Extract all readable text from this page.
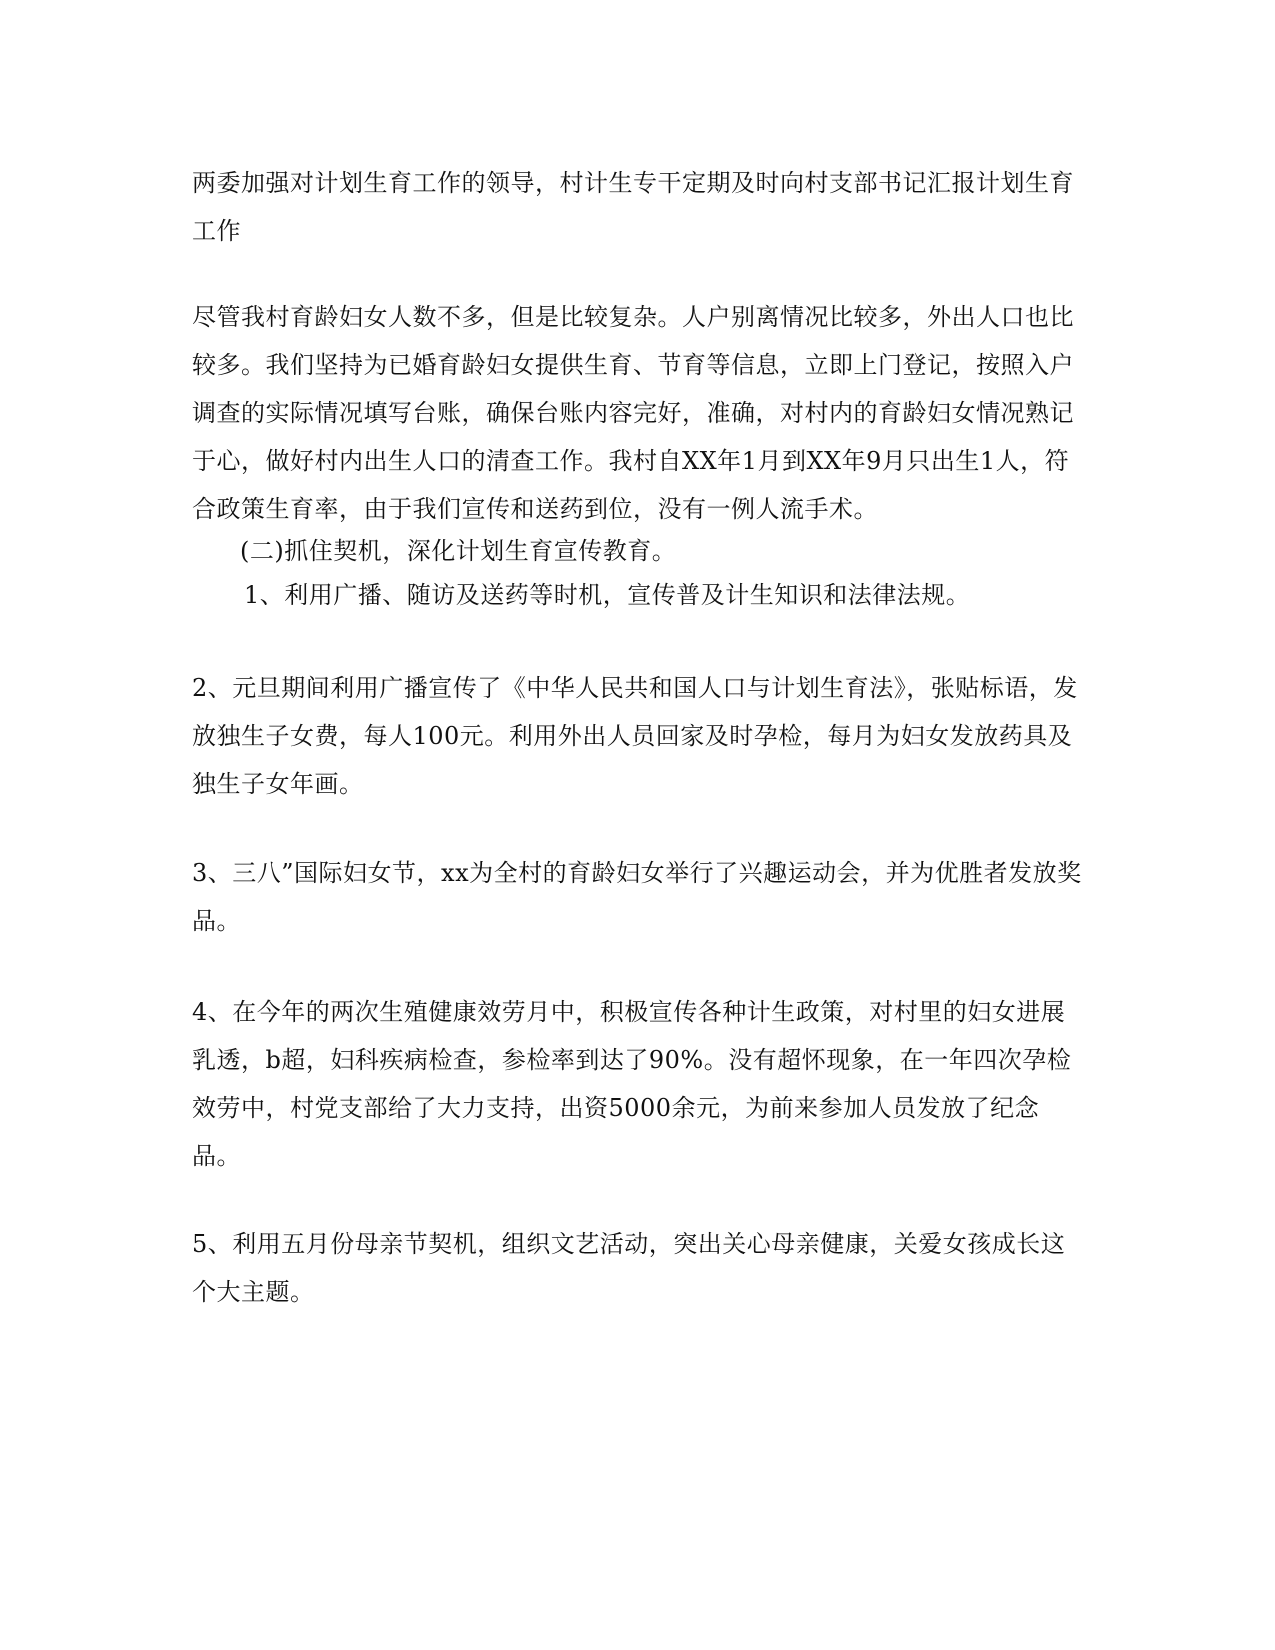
两委加强对计划生育工作的领导，村计生专干定期及时向村支部书记汇报计划生育工作

尽管我村育龄妇女人数不多，但是比较复杂。人户别离情况比较多，外出人口也比较多。我们坚持为已婚育龄妇女提供生育、节育等信息，立即上门登记，按照入户调查的实际情况填写台账，确保台账内容完好，准确，对村内的育龄妇女情况熟记于心，做好村内出生人口的清查工作。我村自XX年1月到XX年9月只出生1人，符合政策生育率，由于我们宣传和送药到位，没有一例人流手术。

(二)抓住契机，深化计划生育宣传教育。

1、利用广播、随访及送药等时机，宣传普及计生知识和法律法规。

2、元旦期间利用广播宣传了《中华人民共和国人口与计划生育法》，张贴标语，发放独生子女费，每人100元。利用外出人员回家及时孕检，每月为妇女发放药具及独生子女年画。

3、三八”国际妇女节，xx为全村的育龄妇女举行了兴趣运动会，并为优胜者发放奖品。

4、在今年的两次生殖健康效劳月中，积极宣传各种计生政策，对村里的妇女进展乳透，b超，妇科疾病检查，参检率到达了90%。没有超怀现象，在一年四次孕检效劳中，村党支部给了大力支持，出资5000余元，为前来参加人员发放了纪念品。

5、利用五月份母亲节契机，组织文艺活动，突出关心母亲健康，关爱女孩成长这个大主题。
